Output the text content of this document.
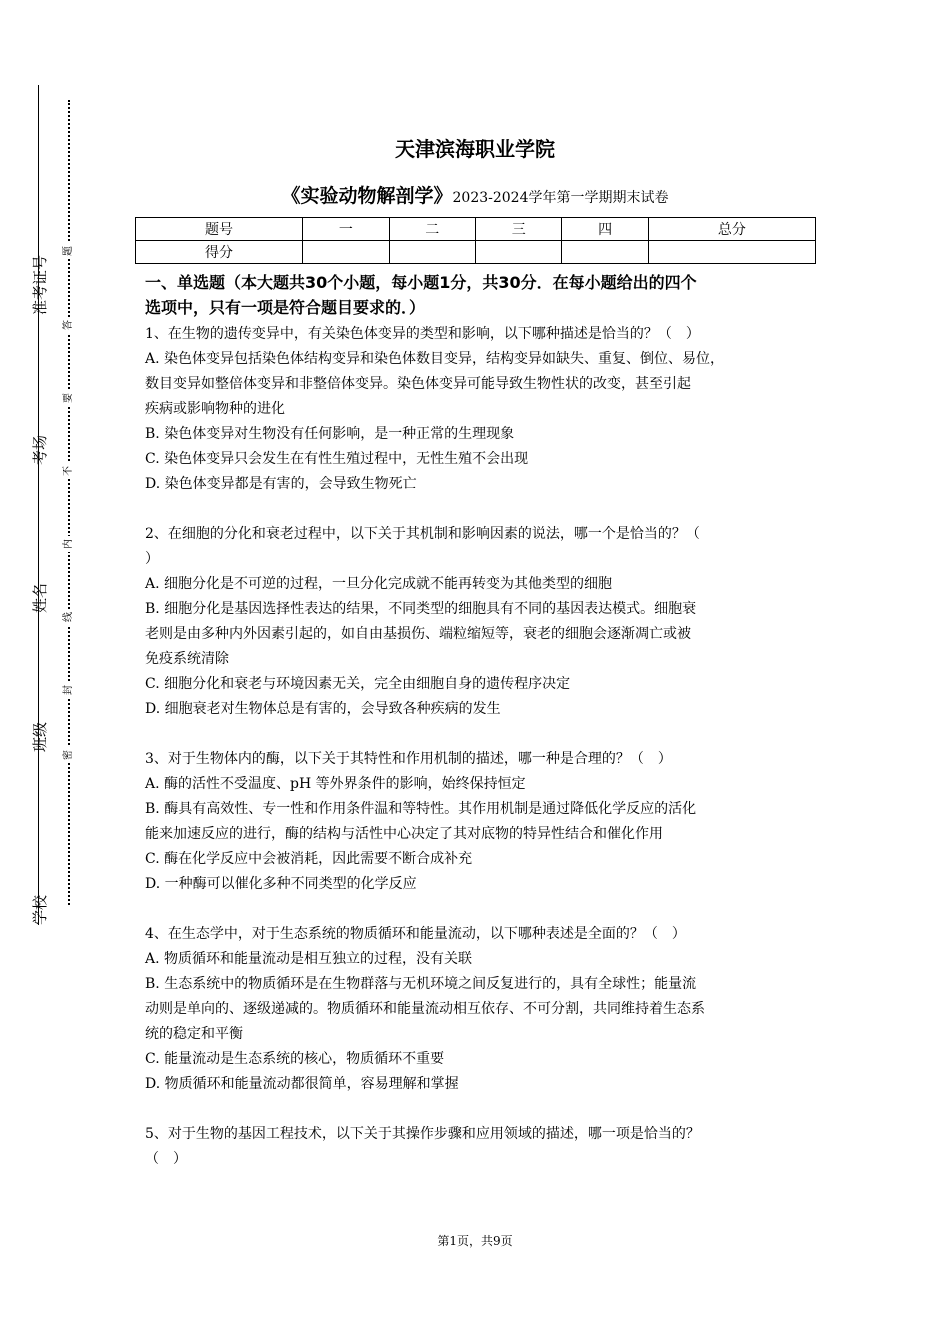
准考证号
考场
姓名
班级
学校
题
答
要
不
内
线
封
密
天津滨海职业学院
《实验动物解剖学》2023-2024学年第一学期期末试卷
题号	一	二	三	四	总分
得分					
一、单选题（本大题共30个小题，每小题1分，共30分．在每小题给出的四个
选项中，只有一项是符合题目要求的．）
1、在生物的遗传变异中，有关染色体变异的类型和影响，以下哪种描述是恰当的？（　）
A. 染色体变异包括染色体结构变异和染色体数目变异，结构变异如缺失、重复、倒位、易位，
数目变异如整倍体变异和非整倍体变异。染色体变异可能导致生物性状的改变，甚至引起
疾病或影响物种的进化
B. 染色体变异对生物没有任何影响，是一种正常的生理现象
C. 染色体变异只会发生在有性生殖过程中，无性生殖不会出现
D. 染色体变异都是有害的，会导致生物死亡
2、在细胞的分化和衰老过程中，以下关于其机制和影响因素的说法，哪一个是恰当的？（
）
A. 细胞分化是不可逆的过程，一旦分化完成就不能再转变为其他类型的细胞
B. 细胞分化是基因选择性表达的结果，不同类型的细胞具有不同的基因表达模式。细胞衰
老则是由多种内外因素引起的，如自由基损伤、端粒缩短等，衰老的细胞会逐渐凋亡或被
免疫系统清除
C. 细胞分化和衰老与环境因素无关，完全由细胞自身的遗传程序决定
D. 细胞衰老对生物体总是有害的，会导致各种疾病的发生
3、对于生物体内的酶，以下关于其特性和作用机制的描述，哪一种是合理的？（　）
A. 酶的活性不受温度、pH 等外界条件的影响，始终保持恒定
B. 酶具有高效性、专一性和作用条件温和等特性。其作用机制是通过降低化学反应的活化
能来加速反应的进行，酶的结构与活性中心决定了其对底物的特异性结合和催化作用
C. 酶在化学反应中会被消耗，因此需要不断合成补充
D. 一种酶可以催化多种不同类型的化学反应
4、在生态学中，对于生态系统的物质循环和能量流动，以下哪种表述是全面的？（　）
A. 物质循环和能量流动是相互独立的过程，没有关联
B. 生态系统中的物质循环是在生物群落与无机环境之间反复进行的，具有全球性；能量流
动则是单向的、逐级递减的。物质循环和能量流动相互依存、不可分割，共同维持着生态系
统的稳定和平衡
C. 能量流动是生态系统的核心，物质循环不重要
D. 物质循环和能量流动都很简单，容易理解和掌握
5、对于生物的基因工程技术，以下关于其操作步骤和应用领域的描述，哪一项是恰当的？
（　）
第1页，共9页
